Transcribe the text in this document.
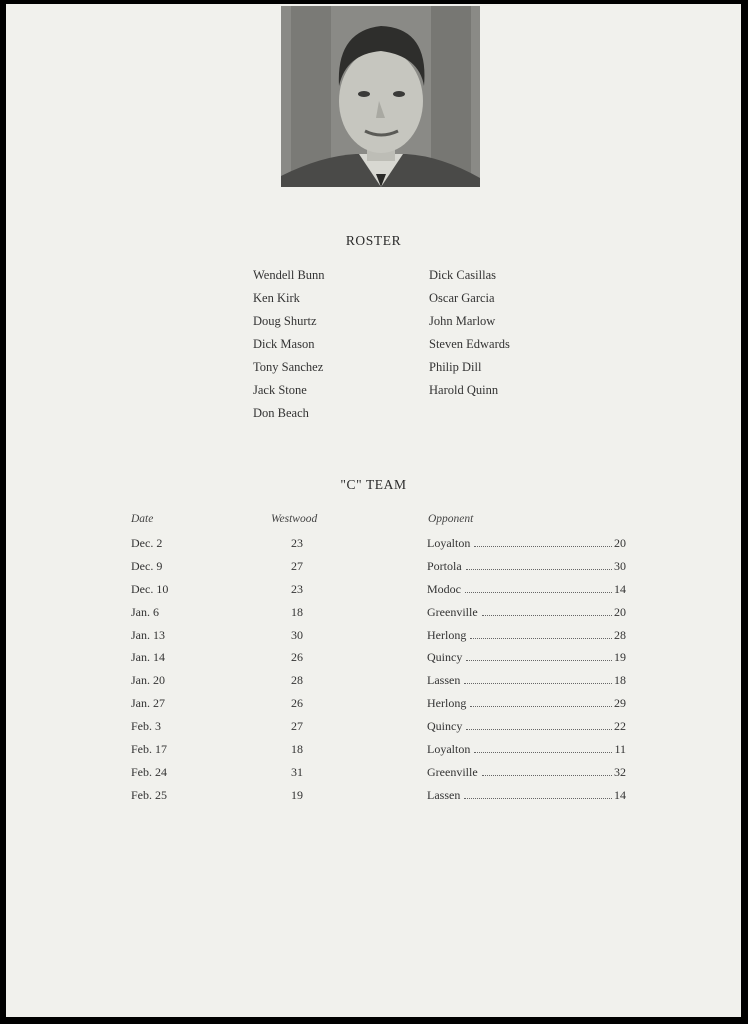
ROSTER
Wendell Bunn
Ken Kirk
Doug Shurtz
Dick Mason
Tony Sanchez
Jack Stone
Don Beach
Dick Casillas
Oscar Garcia
John Marlow
Steven Edwards
Philip Dill
Harold Quinn
"C" TEAM
Date	Westwood	Opponent
Dec. 2	23	Loyalton	20
Dec. 9	27	Portola	30
Dec. 10	23	Modoc	14
Jan. 6	18	Greenville	20
Jan. 13	30	Herlong	28
Jan. 14	26	Quincy	19
Jan. 20	28	Lassen	18
Jan. 27	26	Herlong	29
Feb. 3	27	Quincy	22
Feb. 17	18	Loyalton	11
Feb. 24	31	Greenville	32
Feb. 25	19	Lassen	14
